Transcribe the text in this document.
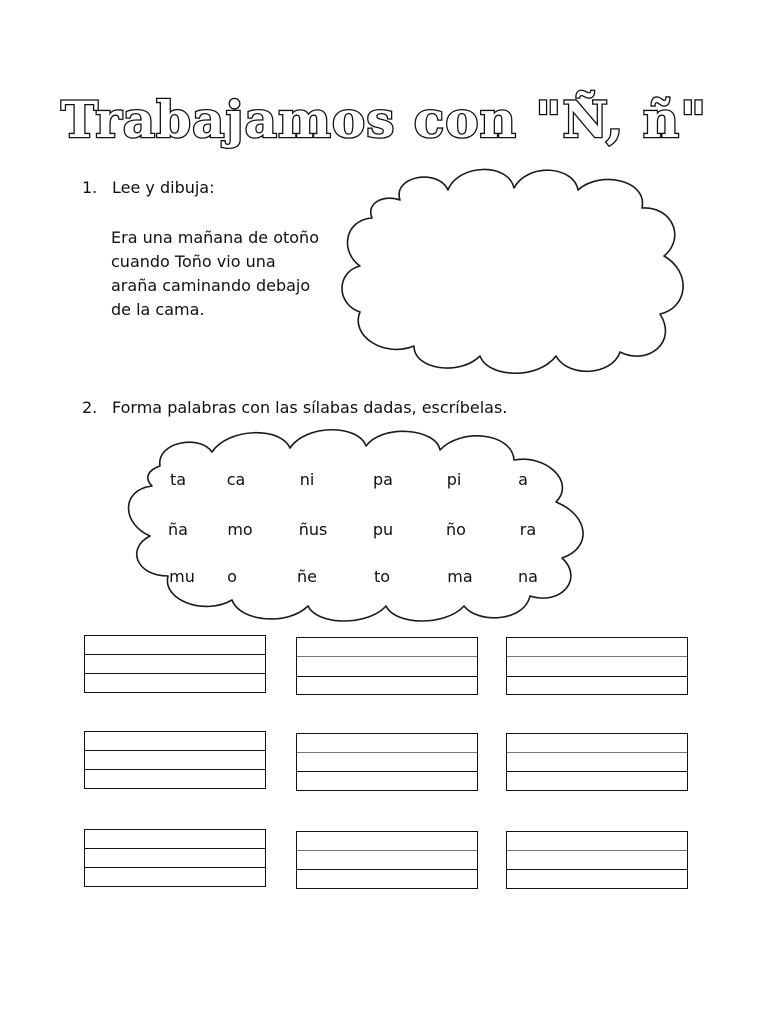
Trabajamos con "Ñ, ñ"
1. Lee y dibuja:
Era una mañana de otoño
cuando Toño vio una
araña caminando debajo
de la cama.
2. Forma palabras con las sílabas dadas, escríbelas.
ta	ca	ni	pa	pi	a
ña	mo	ñus	pu	ño	ra
mu	o	ñe	to	ma	na
